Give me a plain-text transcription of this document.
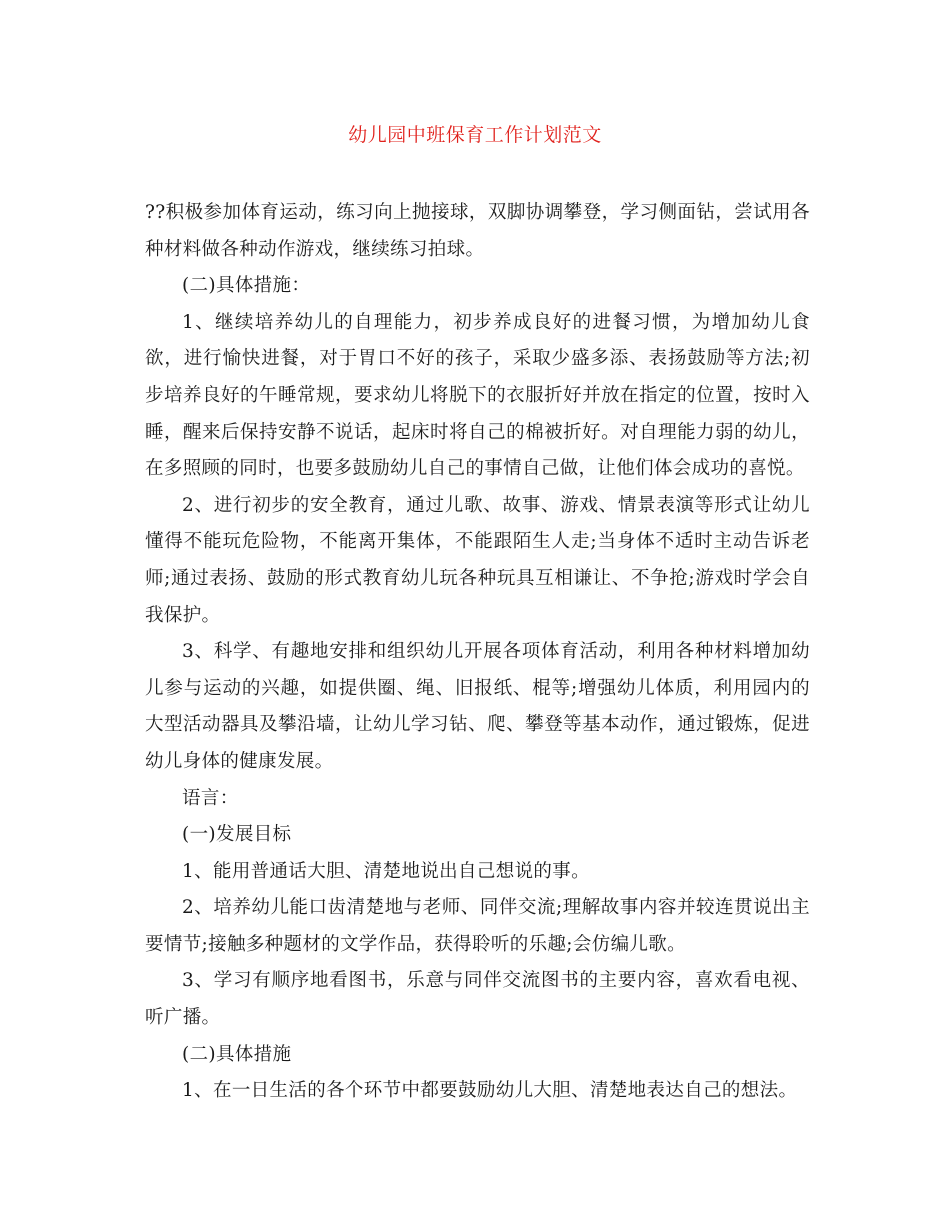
幼儿园中班保育工作计划范文

??积极参加体育运动，练习向上抛接球，双脚协调攀登，学习侧面钻，尝试用各种材料做各种动作游戏，继续练习拍球。

(二)具体措施：

1、继续培养幼儿的自理能力，初步养成良好的进餐习惯，为增加幼儿食欲，进行愉快进餐，对于胃口不好的孩子，采取少盛多添、表扬鼓励等方法;初步培养良好的午睡常规，要求幼儿将脱下的衣服折好并放在指定的位置，按时入睡，醒来后保持安静不说话，起床时将自己的棉被折好。对自理能力弱的幼儿，在多照顾的同时，也要多鼓励幼儿自己的事情自己做，让他们体会成功的喜悦。

2、进行初步的安全教育，通过儿歌、故事、游戏、情景表演等形式让幼儿懂得不能玩危险物，不能离开集体，不能跟陌生人走;当身体不适时主动告诉老师;通过表扬、鼓励的形式教育幼儿玩各种玩具互相谦让、不争抢;游戏时学会自我保护。

3、科学、有趣地安排和组织幼儿开展各项体育活动，利用各种材料增加幼儿参与运动的兴趣，如提供圈、绳、旧报纸、棍等;增强幼儿体质，利用园内的大型活动器具及攀沿墙，让幼儿学习钻、爬、攀登等基本动作，通过锻炼，促进幼儿身体的健康发展。

语言：

(一)发展目标

1、能用普通话大胆、清楚地说出自己想说的事。

2、培养幼儿能口齿清楚地与老师、同伴交流;理解故事内容并较连贯说出主要情节;接触多种题材的文学作品，获得聆听的乐趣;会仿编儿歌。

3、学习有顺序地看图书，乐意与同伴交流图书的主要内容，喜欢看电视、听广播。

(二)具体措施

1、在一日生活的各个环节中都要鼓励幼儿大胆、清楚地表达自己的想法。
